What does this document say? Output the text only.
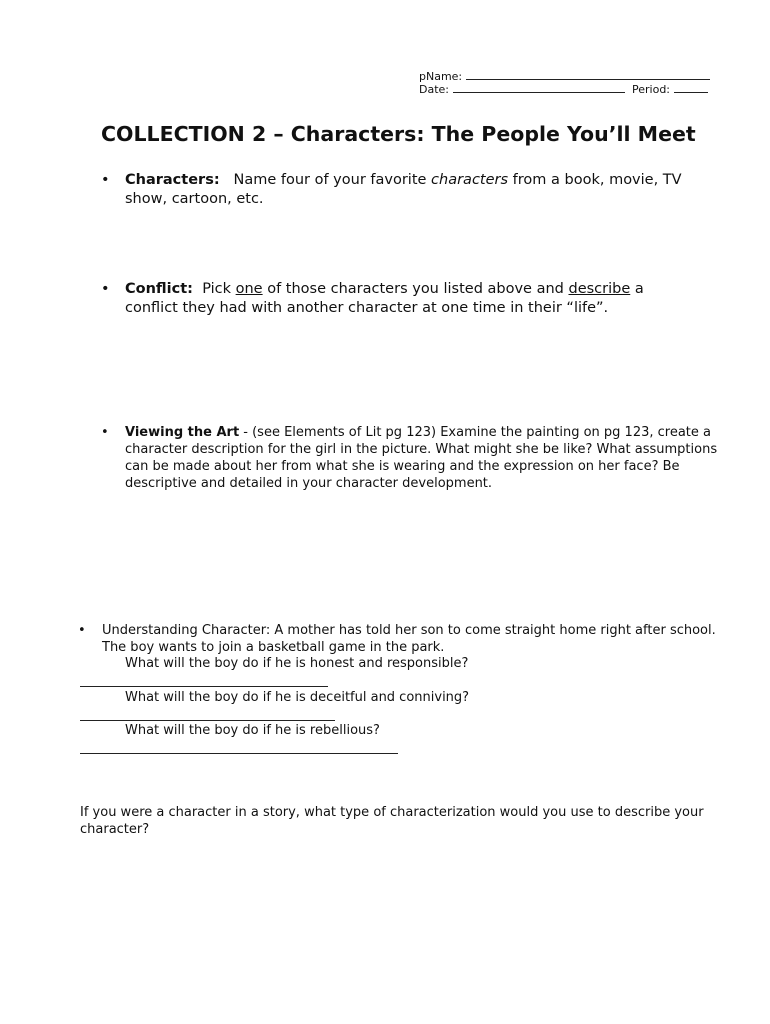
pName:
Date:	Period:
COLLECTION 2 – Characters: The People You’ll Meet
• Characters: Name four of your favorite characters from a book, movie, TV show, cartoon, etc.
• Conflict: Pick one of those characters you listed above and describe a conflict they had with another character at one time in their “life”.
• Viewing the Art - (see Elements of Lit pg 123) Examine the painting on pg 123, create a character description for the girl in the picture. What might she be like? What assumptions can be made about her from what she is wearing and the expression on her face? Be descriptive and detailed in your character development.
• Understanding Character: A mother has told her son to come straight home right after school. The boy wants to join a basketball game in the park.
What will the boy do if he is honest and responsible?
What will the boy do if he is deceitful and conniving?
What will the boy do if he is rebellious?
If you were a character in a story, what type of characterization would you use to describe your character?
